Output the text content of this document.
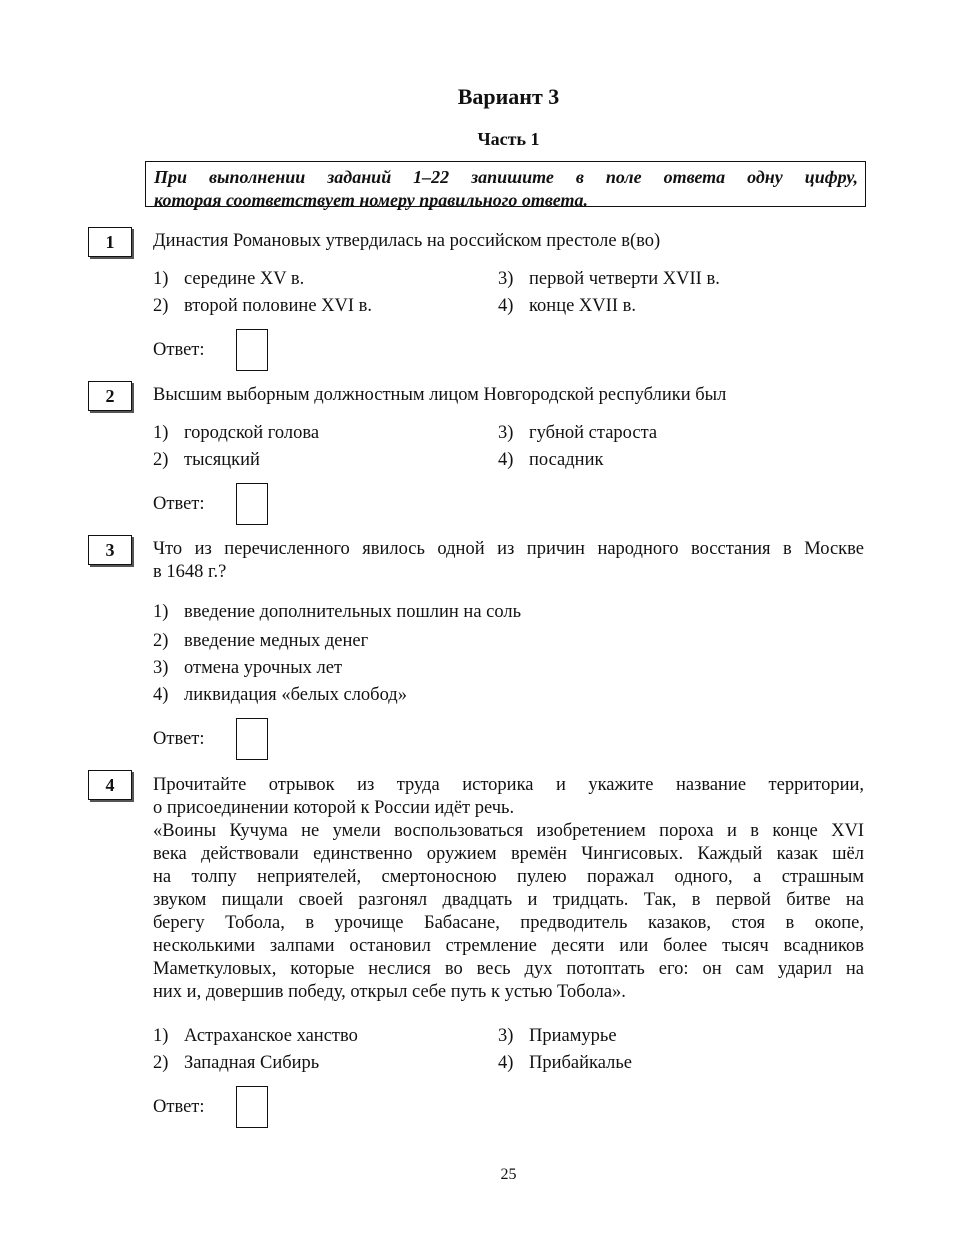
Вариант 3
Часть 1
При выполнении заданий 1–22 запишите в поле ответа одну цифру,
которая соответствует номеру правильного ответа.
1	Династия Романовых утвердилась на российском престоле в(во)
1) середине XV в.
2) второй половине XVI в.
3) первой четверти XVII в.
4) конце XVII в.
Ответ:
2	Высшим выборным должностным лицом Новгородской республики был
1) городской голова
2) тысяцкий
3) губной староста
4) посадник
Ответ:
3	Что из перечисленного явилось одной из причин народного восстания в Москве
в 1648 г.?
1) введение дополнительных пошлин на соль
2) введение медных денег
3) отмена урочных лет
4) ликвидация «белых слобод»
Ответ:
4	Прочитайте отрывок из труда историка и укажите название территории,
о присоединении которой к России идёт речь.
«Воины Кучума не умели воспользоваться изобретением пороха и в конце XVI
века действовали единственно оружием времён Чингисовых. Каждый казак шёл
на толпу неприятелей, смертоносною пулею поражал одного, а страшным
звуком пищали своей разгонял двадцать и тридцать. Так, в первой битве на
берегу Тобола, в урочище Бабасане, предводитель казаков, стоя в окопе,
несколькими залпами остановил стремление десяти или более тысяч всадников
Маметкуловых, которые неслися во весь дух потоптать его: он сам ударил на
них и, довершив победу, открыл себе путь к устью Тобола».
1) Астраханское ханство
2) Западная Сибирь
3) Приамурье
4) Прибайкалье
Ответ:
25
